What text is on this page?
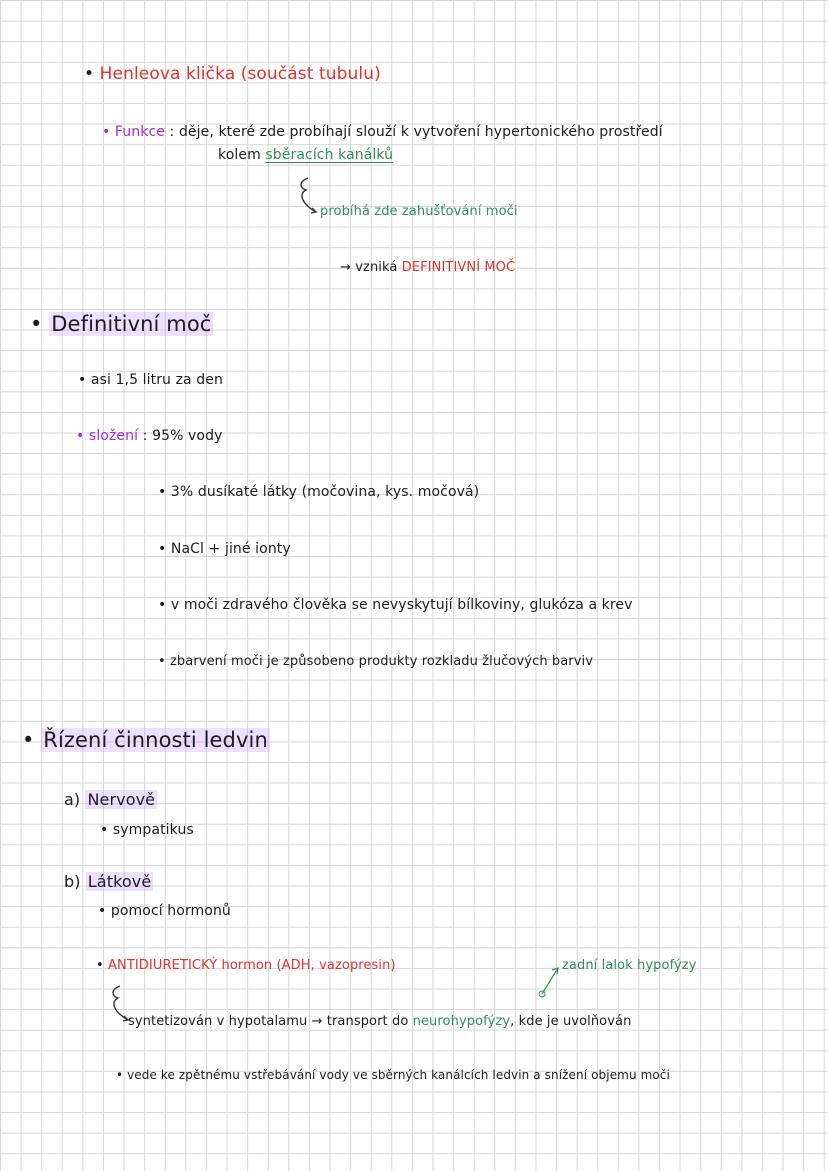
• Henleova klička (součást tubulu)
• Funkce : děje, které zde probíhají slouží k vytvoření hypertonického prostředí
kolem sběracích kanálků
probíhá zde zahušťování moči
→ vzniká DEFINITIVNÍ MOČ
• Definitivní moč
• asi 1,5 litru za den
• složení : 95% vody
• 3% dusíkaté látky (močovina, kys. močová)
• NaCl + jiné ionty
• v moči zdravého člověka se nevyskytují bílkoviny, glukóza a krev
• zbarvení moči je způsobeno produkty rozkladu žlučových barviv
• Řízení činnosti ledvin
a) Nervově
• sympatikus
b) Látkově
• pomocí hormonů
• ANTIDIURETICKÝ hormon (ADH, vazopresin)	zadní lalok hypofýzy
syntetizován v hypotalamu → transport do neurohypofýzy, kde je uvolňován
• vede ke zpětnému vstřebávání vody ve sběrných kanálcích ledvin a snížení objemu moči
